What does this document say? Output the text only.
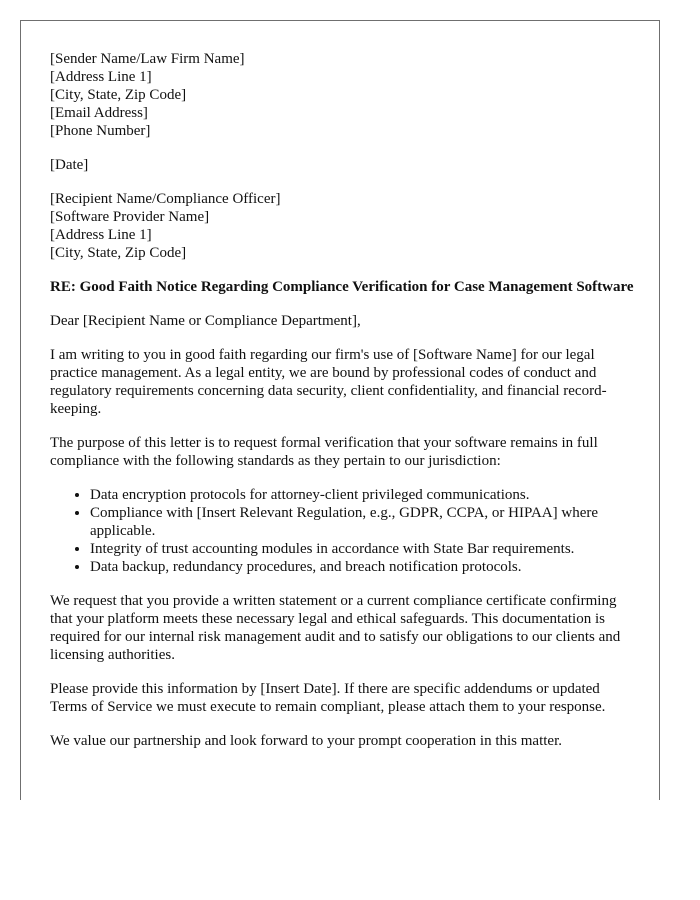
[Sender Name/Law Firm Name]
[Address Line 1]
[City, State, Zip Code]
[Email Address]
[Phone Number]
[Date]
[Recipient Name/Compliance Officer]
[Software Provider Name]
[Address Line 1]
[City, State, Zip Code]
RE: Good Faith Notice Regarding Compliance Verification for Case Management Software

Dear [Recipient Name or Compliance Department],

I am writing to you in good faith regarding our firm's use of [Software Name] for our legal practice management. As a legal entity, we are bound by professional codes of conduct and regulatory requirements concerning data security, client confidentiality, and financial record-keeping.

The purpose of this letter is to request formal verification that your software remains in full compliance with the following standards as they pertain to our jurisdiction:

• Data encryption protocols for attorney-client privileged communications.
• Compliance with [Insert Relevant Regulation, e.g., GDPR, CCPA, or HIPAA] where applicable.
• Integrity of trust accounting modules in accordance with State Bar requirements.
• Data backup, redundancy procedures, and breach notification protocols.

We request that you provide a written statement or a current compliance certificate confirming that your platform meets these necessary legal and ethical safeguards. This documentation is required for our internal risk management audit and to satisfy our obligations to our clients and licensing authorities.

Please provide this information by [Insert Date]. If there are specific addendums or updated Terms of Service we must execute to remain compliant, please attach them to your response.

We value our partnership and look forward to your prompt cooperation in this matter.
